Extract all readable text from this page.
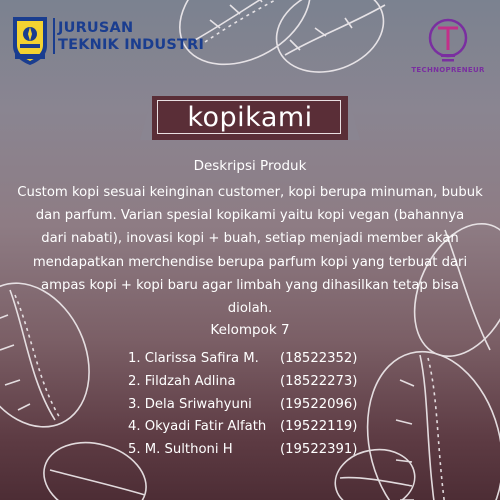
JURUSAN
TEKNIK INDUSTRI
TECHNOPRENEUR
kopikami
Deskripsi Produk
Custom kopi sesuai keinginan customer, kopi berupa minuman, bubuk
dan parfum. Varian spesial kopikami yaitu kopi vegan (bahannya
dari nabati), inovasi kopi + buah, setiap menjadi member akan
mendapatkan merchendise berupa parfum kopi yang terbuat dari
ampas kopi + kopi baru agar limbah yang dihasilkan tetap bisa
diolah.
Kelompok 7
1. Clarissa Safira M.	(18522352)
2. Fildzah Adlina	(18522273)
3. Dela Sriwahyuni	(19522096)
4. Okyadi Fatir Alfath	(19522119)
5. M. Sulthoni H	(19522391)
